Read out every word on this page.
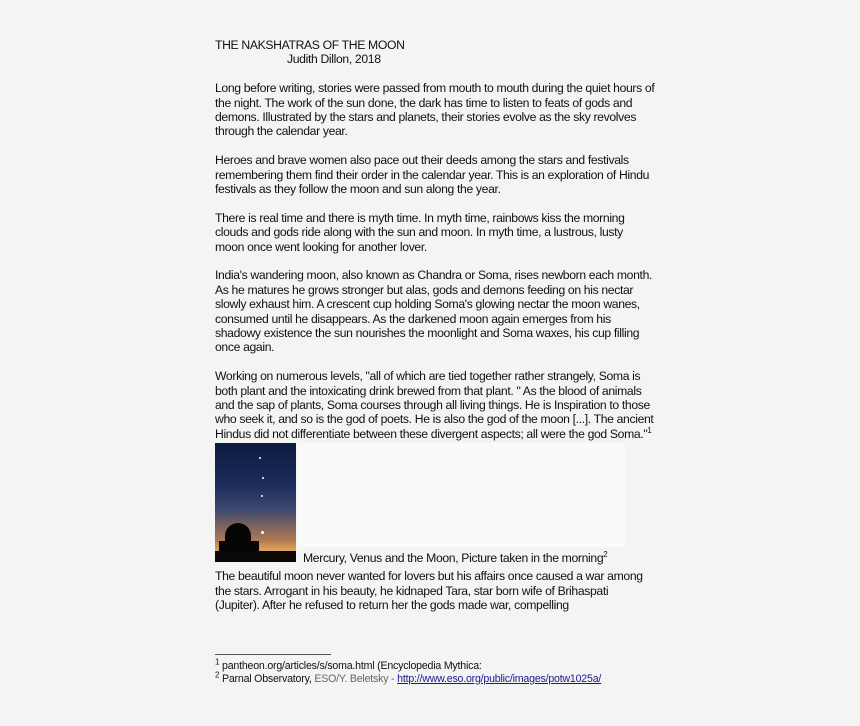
THE NAKSHATRAS OF THE MOON
Judith Dillon, 2018

Long before writing, stories were passed from mouth to mouth during the quiet hours of the night. The work of the sun done, the dark has time to listen to feats of gods and demons. Illustrated by the stars and planets, their stories evolve as the sky revolves through the calendar year.

Heroes and brave women also pace out their deeds among the stars and festivals remembering them find their order in the calendar year. This is an exploration of Hindu festivals as they follow the moon and sun along the year.

There is real time and there is myth time. In myth time, rainbows kiss the morning clouds and gods ride along with the sun and moon. In myth time, a lustrous, lusty moon once went looking for another lover.

India's wandering moon, also known as Chandra or Soma, rises newborn each month. As he matures he grows stronger but alas, gods and demons feeding on his nectar slowly exhaust him. A crescent cup holding Soma's glowing nectar the moon wanes, consumed until he disappears. As the darkened moon again emerges from his shadowy existence the sun nourishes the moonlight and Soma waxes, his cup filling once again.

Working on numerous levels, "all of which are tied together rather strangely, Soma is both plant and the intoxicating drink brewed from that plant. " As the blood of animals and the sap of plants, Soma courses through all living things. He is Inspiration to those who seek it, and so is the god of poets. He is also the god of the moon [...]. The ancient Hindus did not differentiate between these divergent aspects; all were the god Soma."$^1$

Mercury, Venus and the Moon, Picture taken in the morning$^2$

The beautiful moon never wanted for lovers but his affairs once caused a war among the stars. Arrogant in his beauty, he kidnaped Tara, star born wife of Brihaspati (Jupiter). After he refused to return her the gods made war, compelling

$^1$ pantheon.org/articles/s/soma.html (Encyclopedia Mythica:
$^2$ Parnal Observatory, ESO/Y. Beletsky - http://www.eso.org/public/images/potw1025a/
